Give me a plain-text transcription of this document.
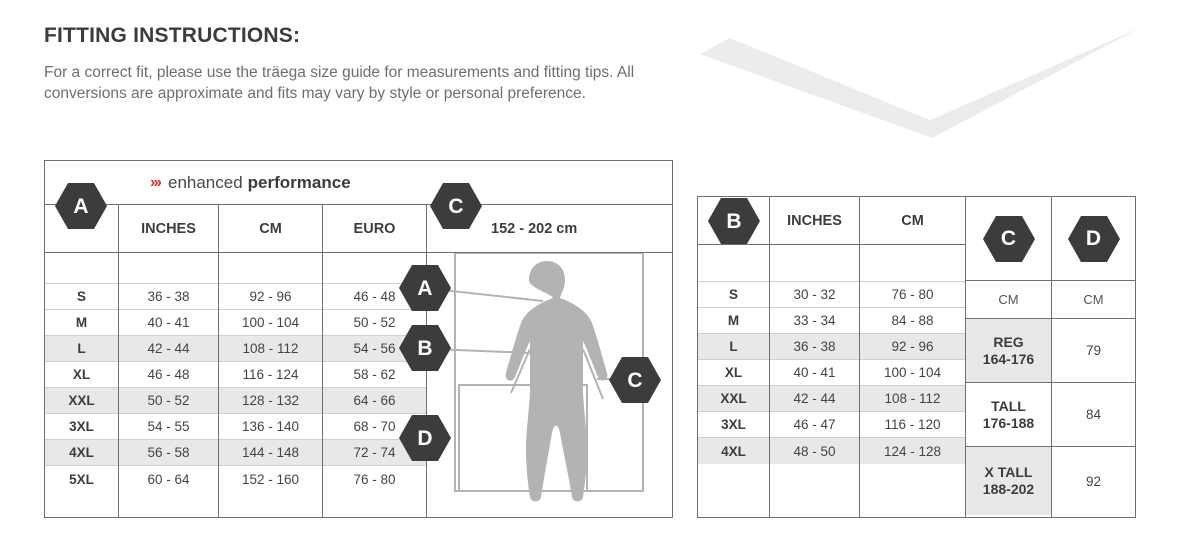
FITTING INSTRUCTIONS:
For a correct fit, please use the träega size guide for measurements and fitting tips. All conversions are approximate and fits may vary by style or personal preference.
››› enhanced performance
S
M
L
XL
XXL
3XL
4XL
5XL
INCHES
36 - 38
40 - 41
42 - 44
46 - 48
50 - 52
54 - 55
56 - 58
60 - 64
CM
92 - 96
100 - 104
108 - 112
116 - 124
128 - 132
136 - 140
144 - 148
152 - 160
EURO
46 - 48
50 - 52
54 - 56
58 - 62
64 - 66
68 - 70
72 - 74
76 - 80
152 - 202 cm
A
B
C
D
A	C
S
M
L
XL
XXL
3XL
4XL
INCHES
30 - 32
33 - 34
36 - 38
40 - 41
42 - 44
46 - 47
48 - 50
CM
76 - 80
84 - 88
92 - 96
100 - 104
108 - 112
116 - 120
124 - 128
C
CM
REG
164-176
TALL
176-188
X TALL
188-202
D
CM
79
84
92
B
